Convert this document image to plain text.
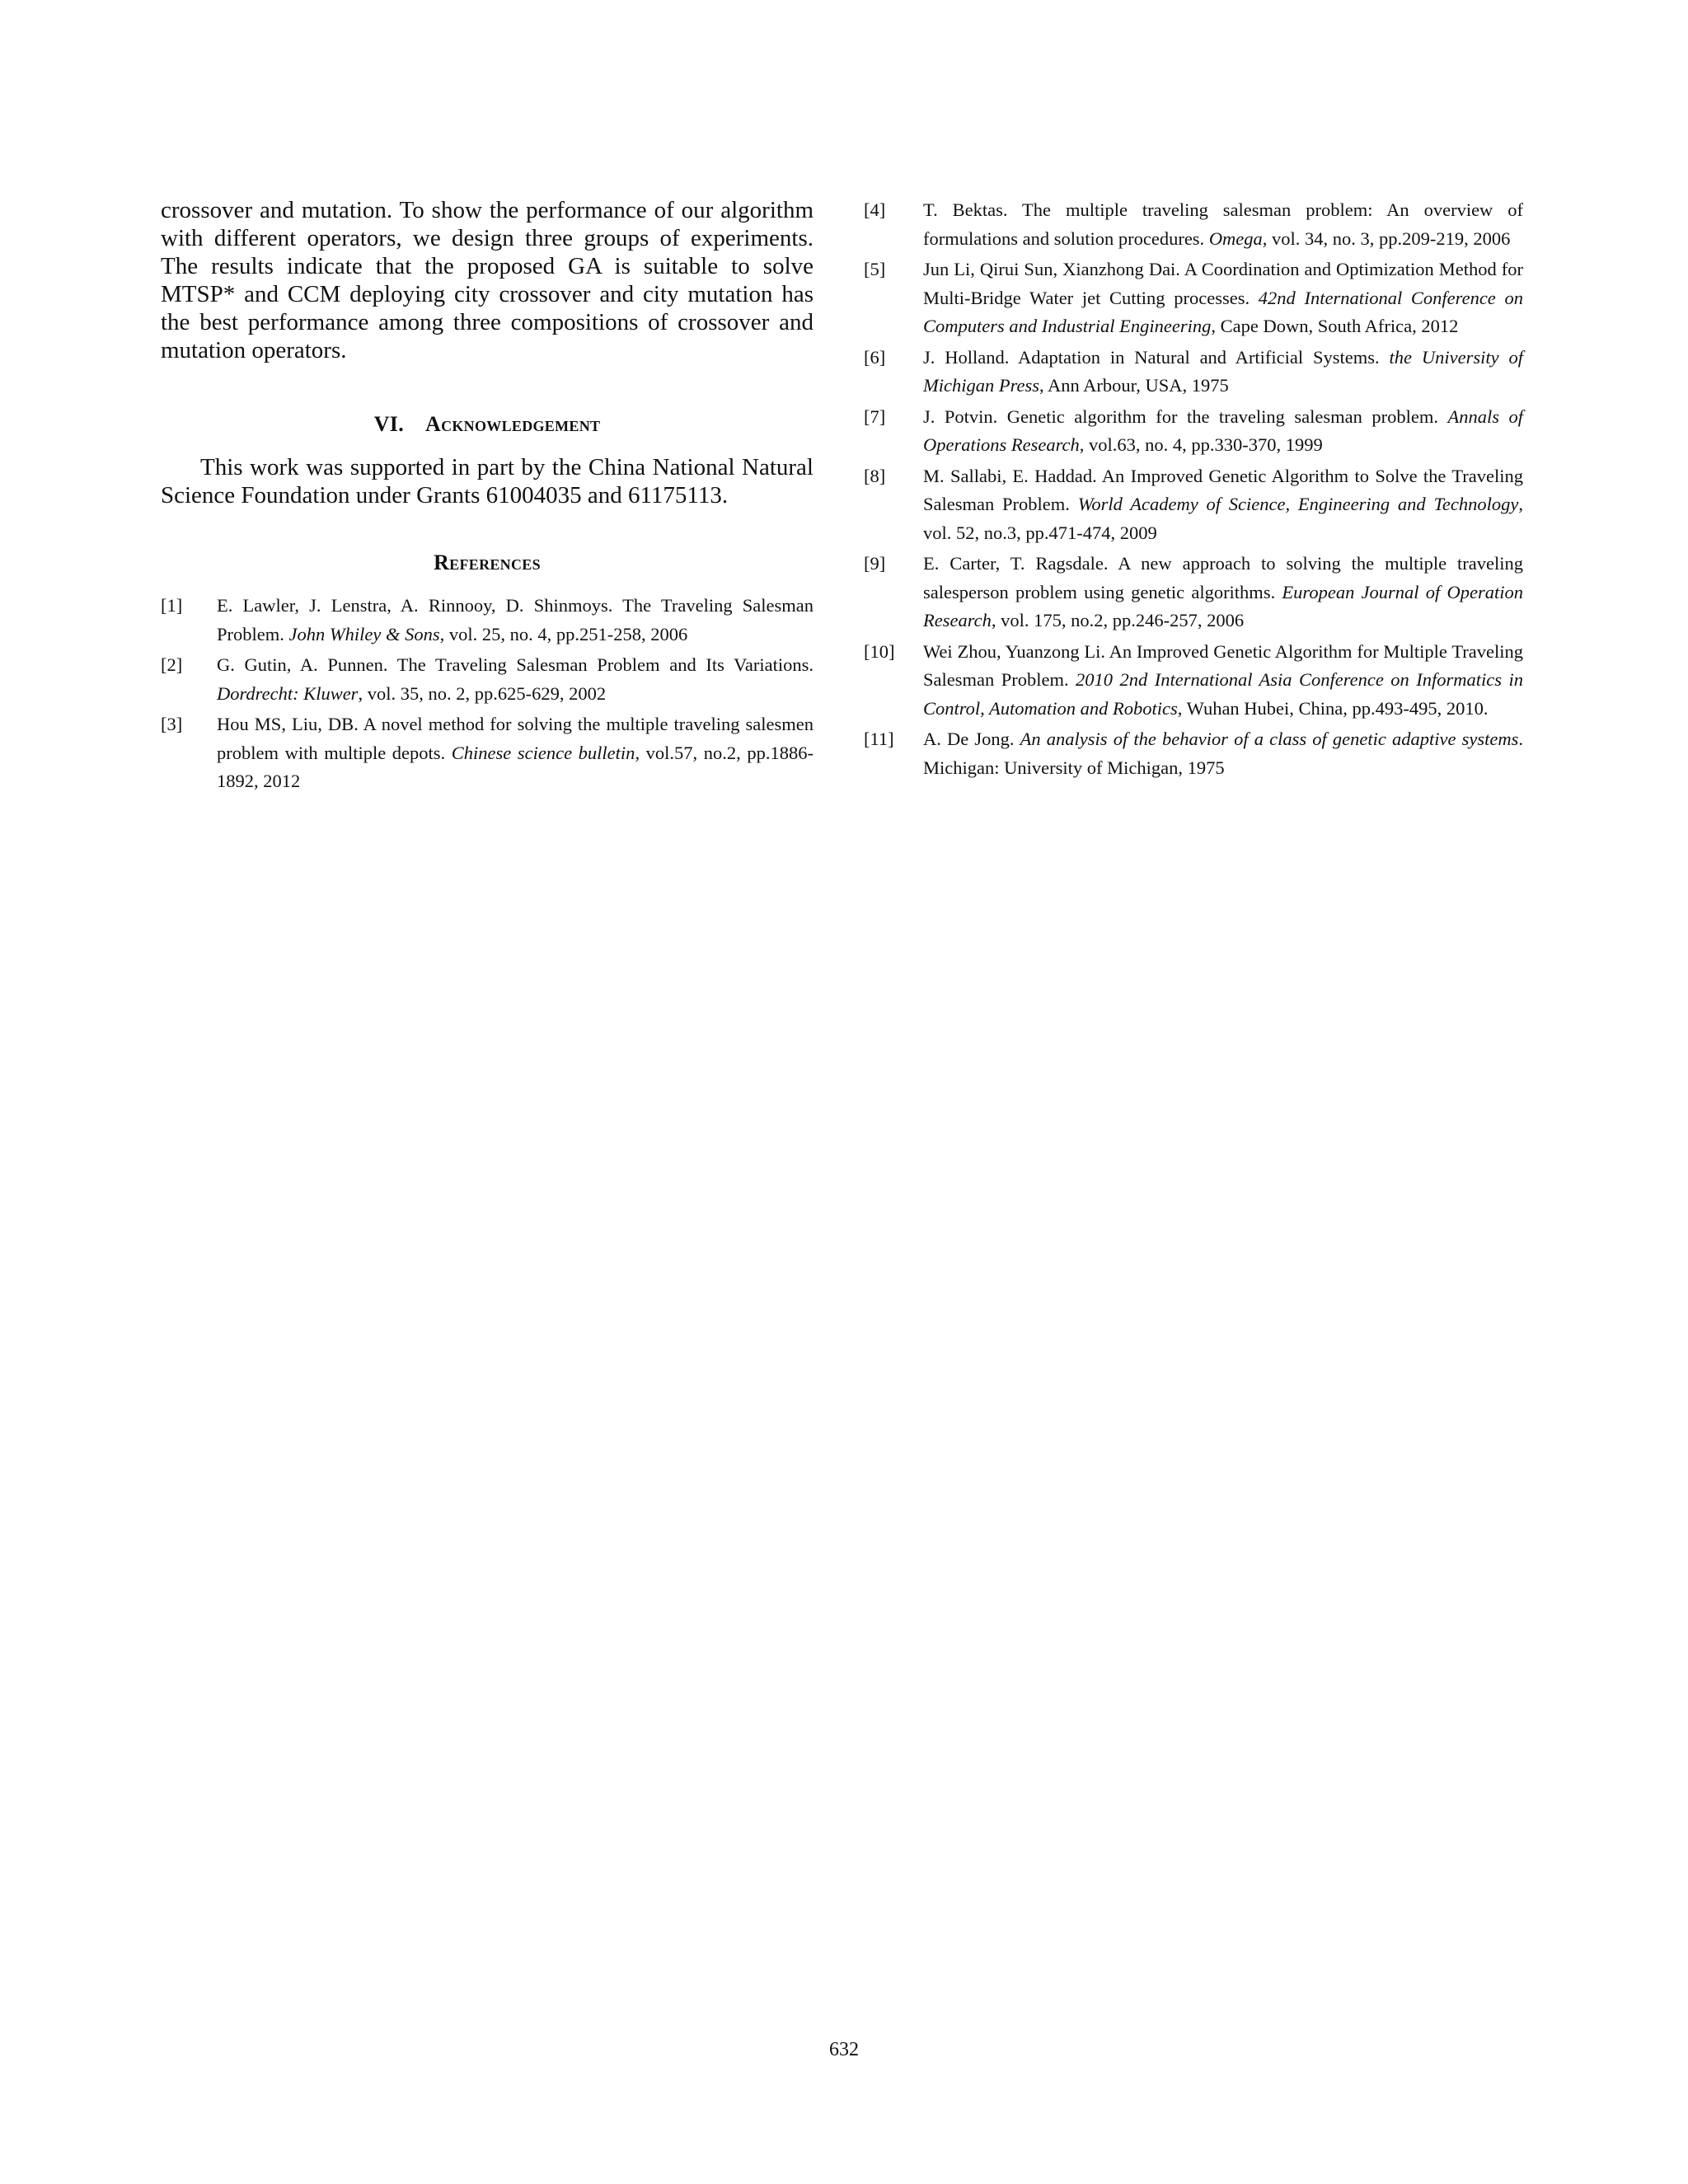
crossover and mutation. To show the performance of our algorithm with different operators, we design three groups of experiments. The results indicate that the proposed GA is suitable to solve MTSP* and CCM deploying city crossover and city mutation has the best performance among three compositions of crossover and mutation operators.

VI. Acknowledgement

This work was supported in part by the China National Natural Science Foundation under Grants 61004035 and 61175113.

References
[1]	E. Lawler, J. Lenstra, A. Rinnooy, D. Shinmoys. The Traveling Salesman Problem. John Whiley & Sons, vol. 25, no. 4, pp.251-258, 2006
[2]	G. Gutin, A. Punnen. The Traveling Salesman Problem and Its Variations. Dordrecht: Kluwer, vol. 35, no. 2, pp.625-629, 2002
[3]	Hou MS, Liu, DB. A novel method for solving the multiple traveling salesmen problem with multiple depots. Chinese science bulletin, vol.57, no.2, pp.1886-1892, 2012
[4]	T. Bektas. The multiple traveling salesman problem: An overview of formulations and solution procedures. Omega, vol. 34, no. 3, pp.209-219, 2006
[5]	Jun Li, Qirui Sun, Xianzhong Dai. A Coordination and Optimization Method for Multi-Bridge Water jet Cutting processes. 42nd International Conference on Computers and Industrial Engineering, Cape Down, South Africa, 2012
[6]	J. Holland. Adaptation in Natural and Artificial Systems. the University of Michigan Press, Ann Arbour, USA, 1975
[7]	J. Potvin. Genetic algorithm for the traveling salesman problem. Annals of Operations Research, vol.63, no. 4, pp.330-370, 1999
[8]	M. Sallabi, E. Haddad. An Improved Genetic Algorithm to Solve the Traveling Salesman Problem. World Academy of Science, Engineering and Technology, vol. 52, no.3, pp.471-474, 2009
[9]	E. Carter, T. Ragsdale. A new approach to solving the multiple traveling salesperson problem using genetic algorithms. European Journal of Operation Research, vol. 175, no.2, pp.246-257, 2006
[10]	Wei Zhou, Yuanzong Li. An Improved Genetic Algorithm for Multiple Traveling Salesman Problem. 2010 2nd International Asia Conference on Informatics in Control, Automation and Robotics, Wuhan Hubei, China, pp.493-495, 2010.
[11]	A. De Jong. An analysis of the behavior of a class of genetic adaptive systems. Michigan: University of Michigan, 1975
632
